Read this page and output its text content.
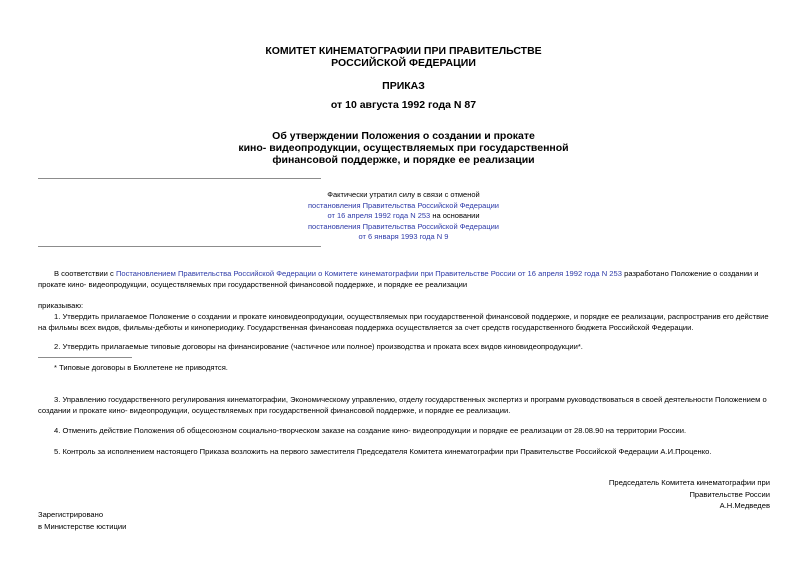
КОМИТЕТ КИНЕМАТОГРАФИИ ПРИ ПРАВИТЕЛЬСТВЕ
РОССИЙСКОЙ ФЕДЕРАЦИИ
ПРИКАЗ
от 10 августа 1992 года N 87
Об утверждении Положения о создании и прокате
кино- видеопродукции, осуществляемых при государственной
финансовой поддержке, и порядке ее реализации
Фактически утратил силу в связи с отменой
постановления Правительства Российской Федерации
от 16 апреля 1992 года N 253 на основании
постановления Правительства Российской Федерации
от 6 января 1993 года N 9
В соответствии с Постановлением Правительства Российской Федерации о Комитете кинематографии при Правительстве России от 16 апреля 1992 года N 253 разработано Положение о создании и прокате кино- видеопродукции, осуществляемых при государственной финансовой поддержке, и порядке ее реализации
приказываю:
1. Утвердить прилагаемое Положение о создании и прокате киновидеопродукции, осуществляемых при государственной финансовой поддержке, и порядке ее реализации, распространив его действие на фильмы всех видов, фильмы-дебюты и кинопериодику. Государственная финансовая поддержка осуществляется за счет средств государственного бюджета Российской Федерации.
2. Утвердить прилагаемые типовые договоры на финансирование (частичное или полное) производства и проката всех видов киновидеопродукции*.
* Типовые договоры в Бюллетене не приводятся.
3. Управлению государственного регулирования кинематографии, Экономическому управлению, отделу государственных экспертиз и программ руководствоваться в своей деятельности Положением о создании и прокате кино- видеопродукции, осуществляемых при государственной финансовой поддержке, и порядке ее реализации.
4. Отменить действие Положения об общесоюзном социально-творческом заказе на создание кино- видеопродукции и порядке ее реализации от 28.08.90 на территории России.
5. Контроль за исполнением настоящего Приказа возложить на первого заместителя Председателя Комитета кинематографии при Правительстве Российской Федерации А.И.Проценко.
Председатель Комитета кинематографии при
Правительстве России
А.Н.Медведев
Зарегистрировано
в Министерстве юстиции
